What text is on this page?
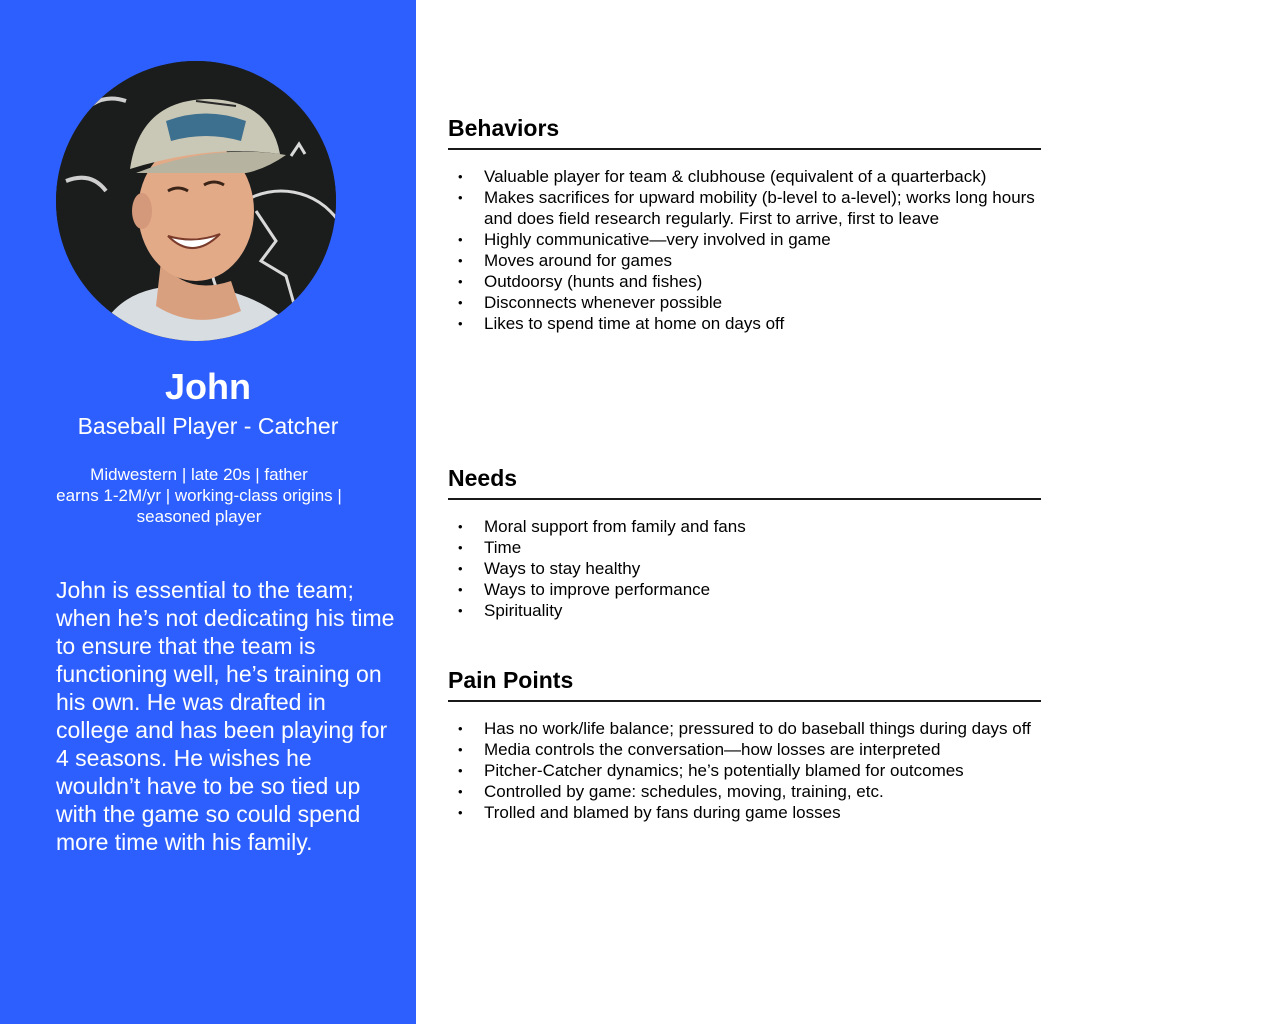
John
Baseball Player - Catcher
Midwestern | late 20s | father
earns 1-2M/yr | working-class origins |
seasoned player
John is essential to the team; when he’s not dedicating his time to ensure that the team is functioning well, he’s training on his own. He was drafted in college and has been playing for 4 seasons. He wishes he wouldn’t have to be so tied up with the game so could spend more time with his family.
Behaviors
• Valuable player for team & clubhouse (equivalent of a quarterback)
• Makes sacrifices for upward mobility (b-level to a-level); works long hours and does field research regularly. First to arrive, first to leave
• Highly communicative—very involved in game
• Moves around for games
• Outdoorsy (hunts and fishes)
• Disconnects whenever possible
• Likes to spend time at home on days off
Needs
• Moral support from family and fans
• Time
• Ways to stay healthy
• Ways to improve performance
• Spirituality
Pain Points
• Has no work/life balance; pressured to do baseball things during days off
• Media controls the conversation—how losses are interpreted
• Pitcher-Catcher dynamics; he’s potentially blamed for outcomes
• Controlled by game: schedules, moving, training, etc.
• Trolled and blamed by fans during game losses
